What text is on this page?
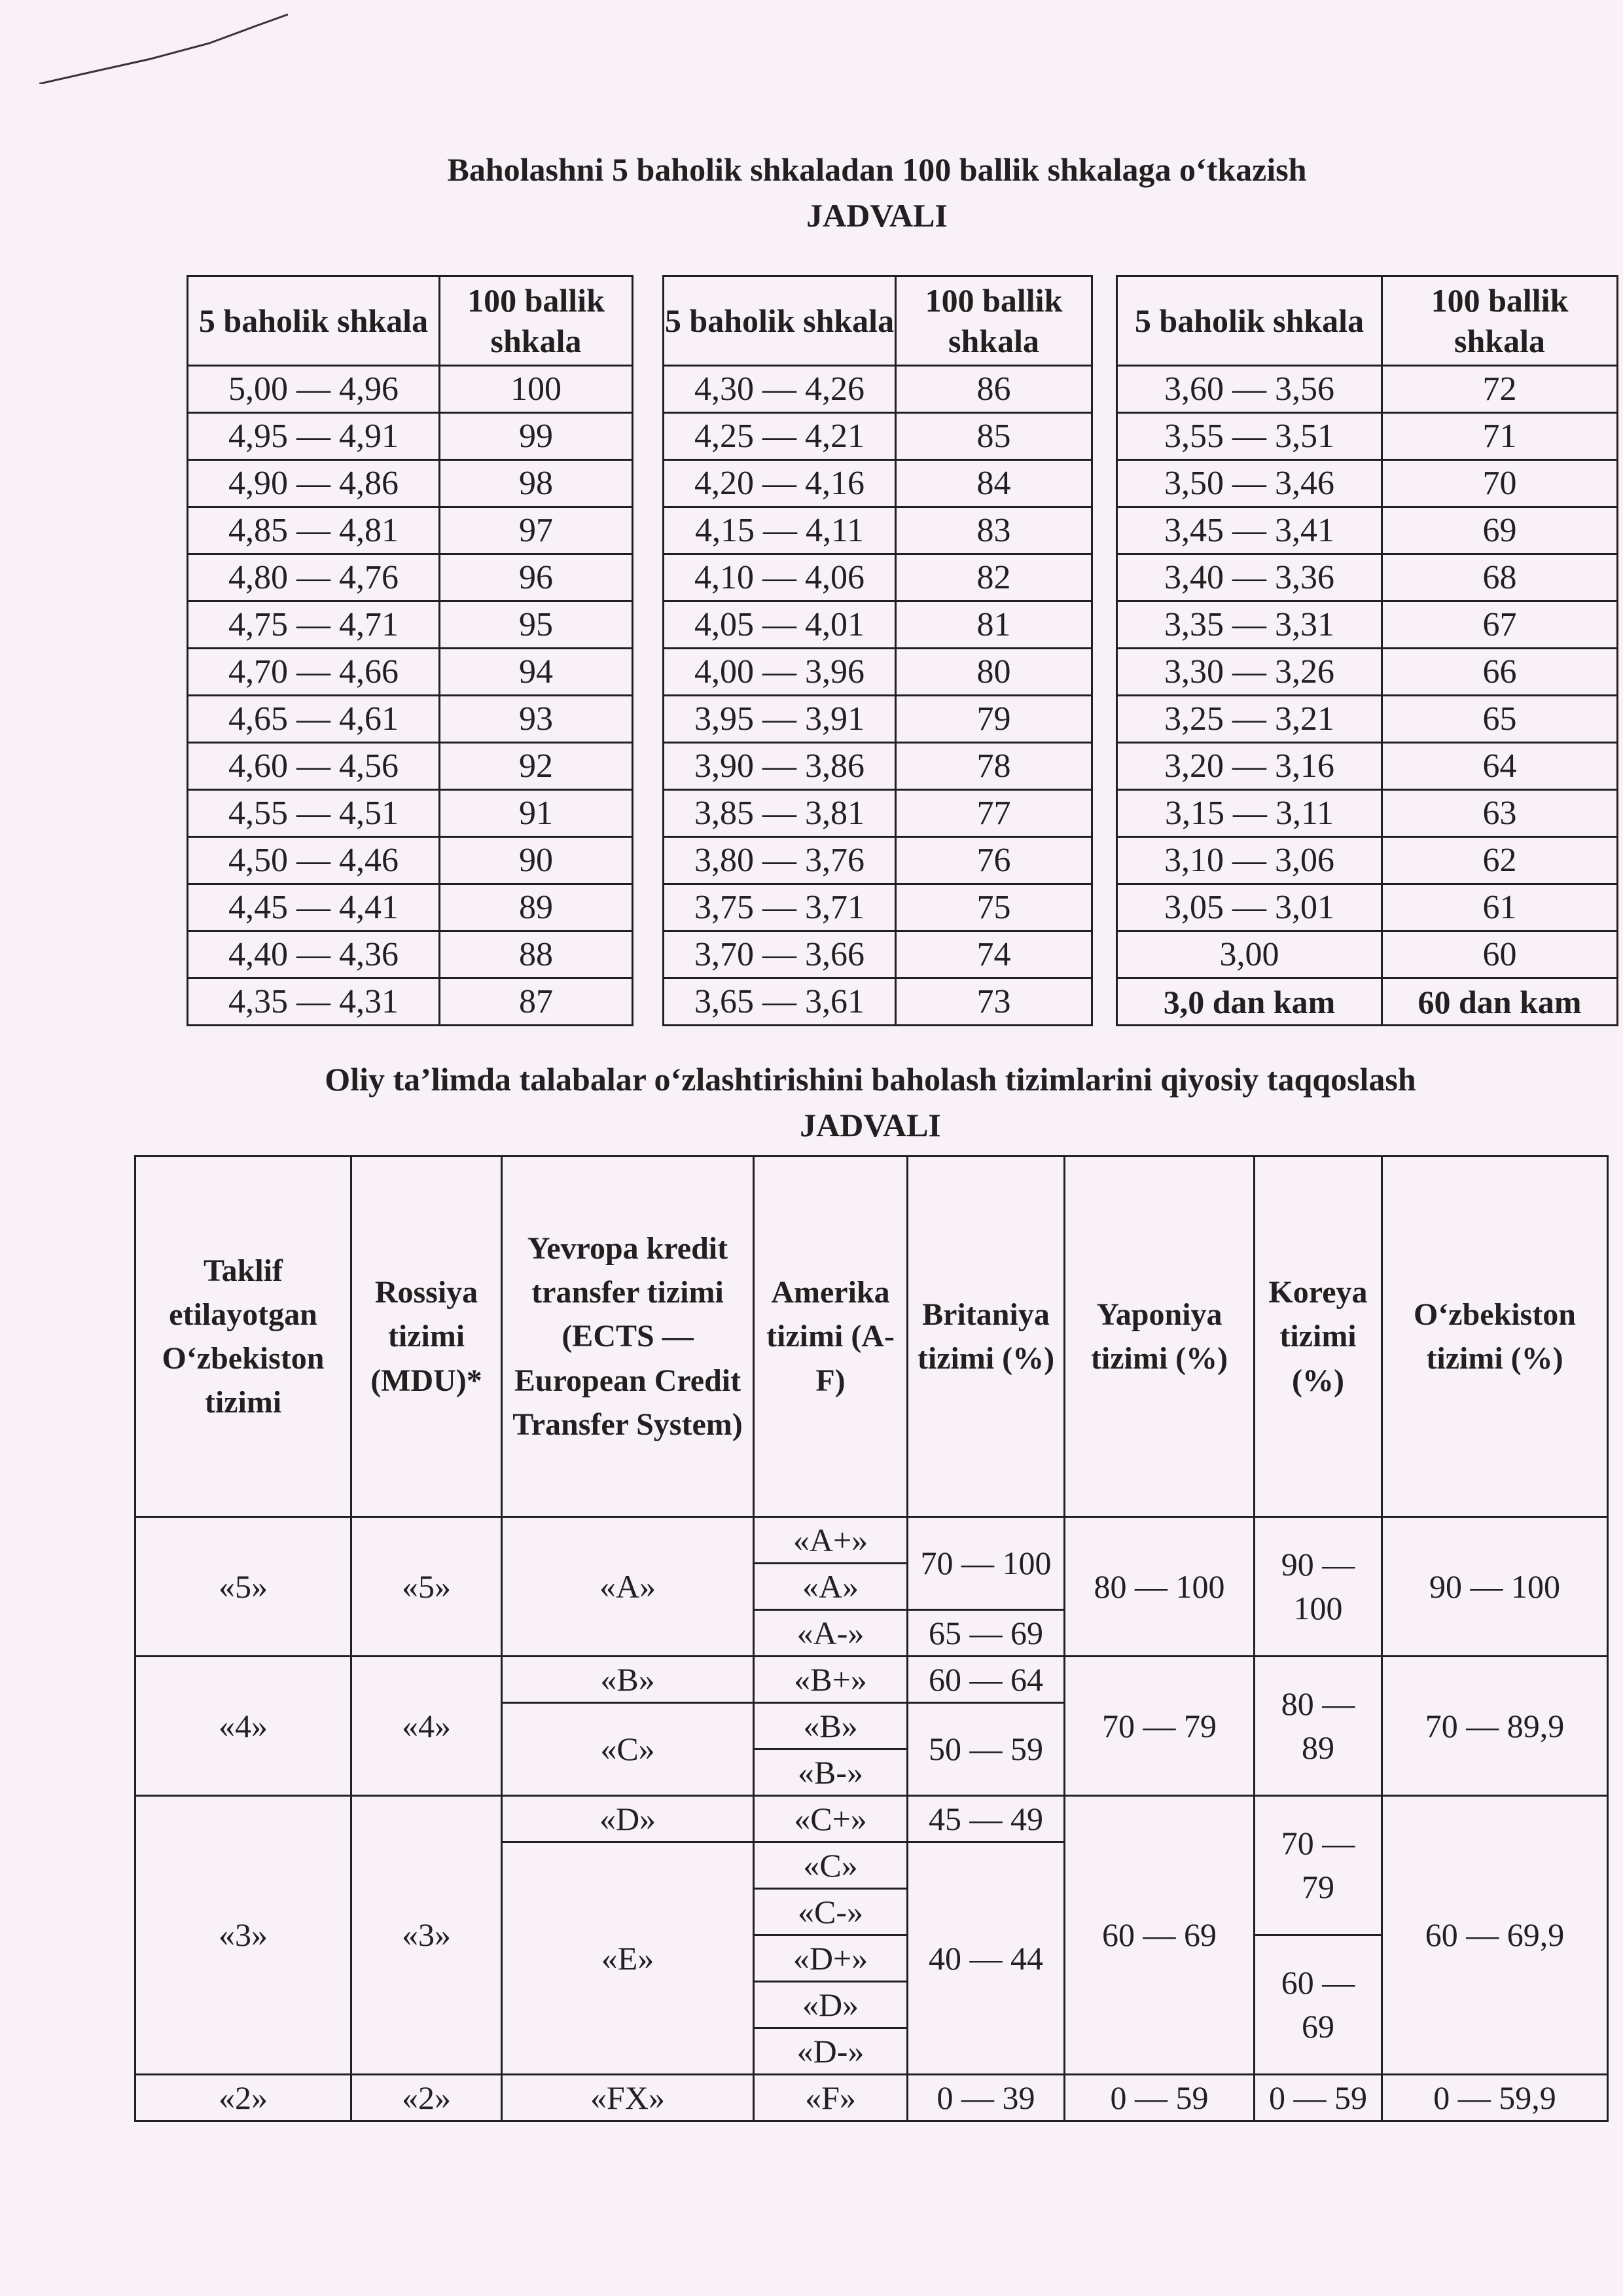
Baholashni 5 baholik shkaladan 100 ballik shkalaga o‘tkazish
JADVALI
5 baholik shkala	100 ballik shkala
5,00 — 4,96	100
4,95 — 4,91	99
4,90 — 4,86	98
4,85 — 4,81	97
4,80 — 4,76	96
4,75 — 4,71	95
4,70 — 4,66	94
4,65 — 4,61	93
4,60 — 4,56	92
4,55 — 4,51	91
4,50 — 4,46	90
4,45 — 4,41	89
4,40 — 4,36	88
4,35 — 4,31	87
5 baholik shkala	100 ballik shkala
4,30 — 4,26	86
4,25 — 4,21	85
4,20 — 4,16	84
4,15 — 4,11	83
4,10 — 4,06	82
4,05 — 4,01	81
4,00 — 3,96	80
3,95 — 3,91	79
3,90 — 3,86	78
3,85 — 3,81	77
3,80 — 3,76	76
3,75 — 3,71	75
3,70 — 3,66	74
3,65 — 3,61	73
5 baholik shkala	100 ballik shkala
3,60 — 3,56	72
3,55 — 3,51	71
3,50 — 3,46	70
3,45 — 3,41	69
3,40 — 3,36	68
3,35 — 3,31	67
3,30 — 3,26	66
3,25 — 3,21	65
3,20 — 3,16	64
3,15 — 3,11	63
3,10 — 3,06	62
3,05 — 3,01	61
3,00	60
3,0 dan kam	60 dan kam
Oliy ta’limda talabalar o‘zlashtirishini baholash tizimlarini qiyosiy taqqoslash
JADVALI
Taklif etilayotgan O‘zbekiston tizimi	Rossiya tizimi (MDU)*	Yevropa kredit transfer tizimi (ECTS — European Credit Transfer System)	Amerika tizimi (A- F)	Britaniya tizimi (%)	Yaponiya tizimi (%)	Koreya tizimi (%)	O‘zbekiston tizimi (%)
«5»	«5»	«A»	«A+»	70 — 100	80 — 100	90 — 100	90 — 100
			«A»				
			«A-»	65 — 69			
«4»	«4»	«B»	«B+»	60 — 64	70 — 79	80 — 89	70 — 89,9
		«C»	«B»	50 — 59			
			«B-»				
«3»	«3»	«D»	«C+»	45 — 49	60 — 69	70 — 79	60 — 69,9
		«E»	«C»	40 — 44			
			«C-»				
			«D+»			60 — 69	
			«D»				
			«D-»				
«2»	«2»	«FX»	«F»	0 — 39	0 — 59	0 — 59	0 — 59,9
